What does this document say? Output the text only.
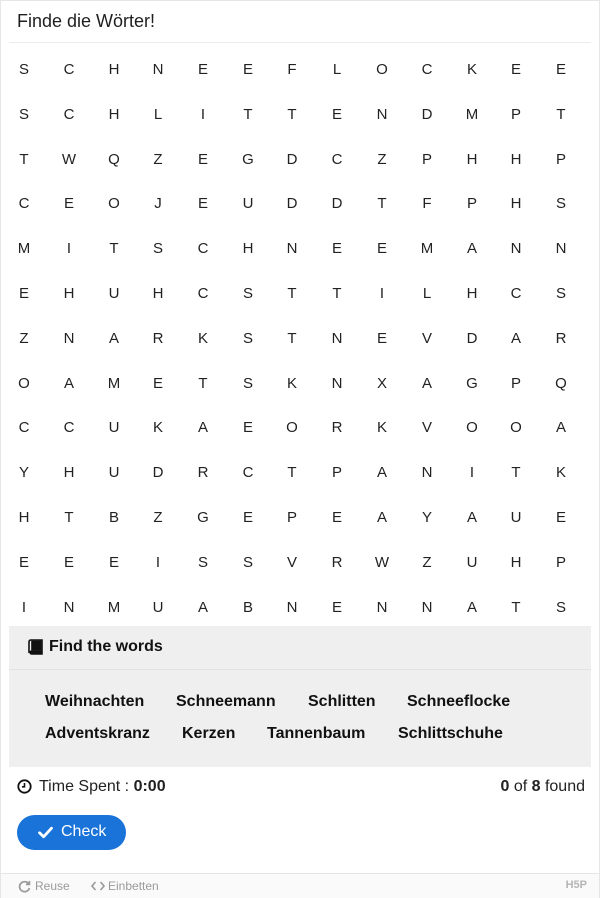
Finde die Wörter!
S	C	H	N	E	E	F	L	O	C	K	E	E
S	C	H	L	I	T	T	E	N	D	M	P	T
T	W	Q	Z	E	G	D	C	Z	P	H	H	P
C	E	O	J	E	U	D	D	T	F	P	H	S
M	I	T	S	C	H	N	E	E	M	A	N	N
E	H	U	H	C	S	T	T	I	L	H	C	S
Z	N	A	R	K	S	T	N	E	V	D	A	R
O	A	M	E	T	S	K	N	X	A	G	P	Q
C	C	U	K	A	E	O	R	K	V	O	O	A
Y	H	U	D	R	C	T	P	A	N	I	T	K
H	T	B	Z	G	E	P	E	A	Y	A	U	E
E	E	E	I	S	S	V	R	W	Z	U	H	P
I	N	M	U	A	B	N	E	N	N	A	T	S
Find the words
Weihnachten Schneemann Schlitten Schneeflocke
Adventskranz Kerzen Tannenbaum Schlittschuhe
Time Spent : 0:00	0 of 8 found
Check
Reuse	Einbetten	H5P
